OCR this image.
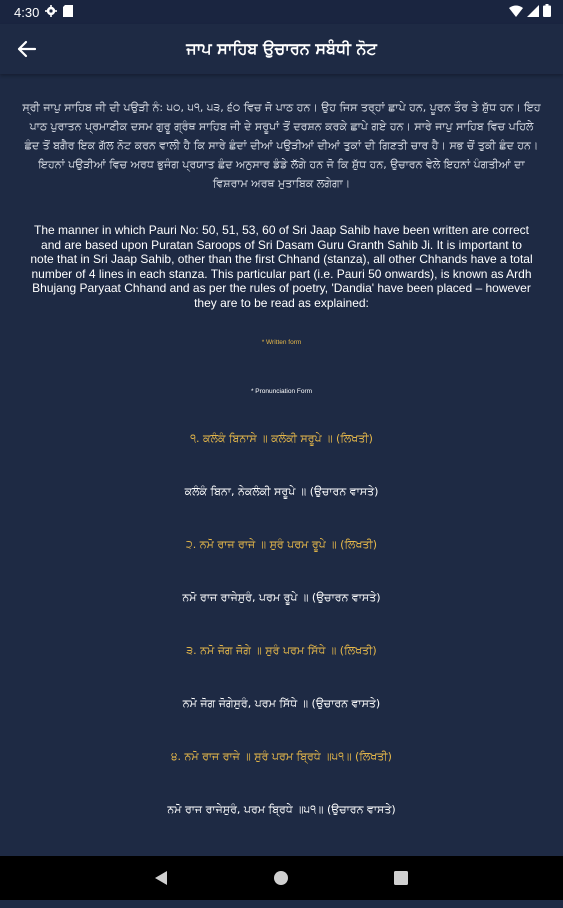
4:30
ਜਾਪ ਸਾਹਿਬ ਉਚਾਰਨ ਸਬੰਧੀ ਨੋਟ
ਸ੍ਰੀ ਜਾਪੁ ਸਾਹਿਬ ਜੀ ਦੀ ਪਉੜੀ ਨੰ: ੫੦, ੫੧, ੫੩, ੬੦ ਵਿਚ ਜੋ ਪਾਠ ਹਨ। ਉਹ ਜਿਸ ਤਰ੍ਹਾਂ ਛਾਪੇ ਹਨ, ਪੂਰਨ ਤੌਰ ਤੇ ਸ਼ੁੱਧ ਹਨ। ਇਹ ਪਾਠ ਪੁਰਾਤਨ ਪ੍ਰਮਾਣੀਕ ਦਸਮ ਗੁਰੂ ਗ੍ਰੰਥ ਸਾਹਿਬ ਜੀ ਦੇ ਸਰੂਪਾਂ ਤੋਂ ਦਰਸ਼ਨ ਕਰਕੇ ਛਾਪੇ ਗਏ ਹਨ। ਸਾਰੇ ਜਾਪੁ ਸਾਹਿਬ ਵਿਚ ਪਹਿਲੇ ਛੰਦ ਤੋਂ ਬਗੈਰ ਇਕ ਗੱਲ ਨੋਟ ਕਰਨ ਵਾਲੀ ਹੈ ਕਿ ਸਾਰੇ ਛੰਦਾਂ ਦੀਆਂ ਪਉੜੀਆਂ ਦੀਆਂ ਤੁਕਾਂ ਦੀ ਗਿਣਤੀ ਚਾਰ ਹੈ। ਸਭ ਚੋਂ ਤੁਕੀ ਛੰਦ ਹਨ। ਇਹਨਾਂ ਪਉੜੀਆਂ ਵਿਚ ਅਰਧ ਭੁਜੰਗ ਪ੍ਰਯਾਤ ਛੰਦ ਅਨੁਸਾਰ ਡੰਡੇ ਲੱਗੇ ਹਨ ਜੋ ਕਿ ਸ਼ੁੱਧ ਹਨ, ਉਚਾਰਨ ਵੇਲੇ ਇਹਨਾਂ ਪੰਗਤੀਆਂ ਦਾ ਵਿਸ਼ਰਾਮ ਅਰਥ ਮੁਤਾਬਿਕ ਲਗੇਗਾ।
The manner in which Pauri No: 50, 51, 53, 60 of Sri Jaap Sahib have been written are correct and are based upon Puratan Saroops of Sri Dasam Guru Granth Sahib Ji. It is important to note that in Sri Jaap Sahib, other than the first Chhand (stanza), all other Chhands have a total number of 4 lines in each stanza. This particular part (i.e. Pauri 50 onwards), is known as Ardh Bhujang Paryaat Chhand and as per the rules of poetry, 'Dandia' have been placed – however they are to be read as explained:
* Written form
* Pronunciation Form
੧. ਕਲੰਕੰ ਬਿਨਾਸੇ ॥ ਕਲੰਕੀ ਸਰੂਪੇ ॥ (ਲਿਖਤੀ)
ਕਲੰਕੰ ਬਿਨਾ, ਨੇਕਲੰਕੀ ਸਰੂਪੇ ॥ (ਉਚਾਰਨ ਵਾਸਤੇ)
੨. ਨਮੋ ਰਾਜ ਰਾਜੇ ॥ ਸੁਰੰ ਪਰਮ ਰੂਪੇ ॥ (ਲਿਖਤੀ)
ਨਮੋ ਰਾਜ ਰਾਜੇਸੁਰੰ, ਪਰਮ ਰੂਪੇ ॥ (ਉਚਾਰਨ ਵਾਸਤੇ)
੩. ਨਮੋ ਜੋਗ ਜੋਗੇ ॥ ਸੁਰੰ ਪਰਮ ਸਿੱਧੇ ॥ (ਲਿਖਤੀ)
ਨਮੋ ਜੋਗ ਜੋਗੇਸੁਰੰ, ਪਰਮ ਸਿੱਧੇ ॥ (ਉਚਾਰਨ ਵਾਸਤੇ)
੪. ਨਮੋ ਰਾਜ ਰਾਜੇ ॥ ਸੁਰੰ ਪਰਮ ਬ੍ਰਿਧੇ ॥੫੧॥ (ਲਿਖਤੀ)
ਨਮੋ ਰਾਜ ਰਾਜੇਸੁਰੰ, ਪਰਮ ਬ੍ਰਿਧੇ ॥੫੧॥ (ਉਚਾਰਨ ਵਾਸਤੇ)
